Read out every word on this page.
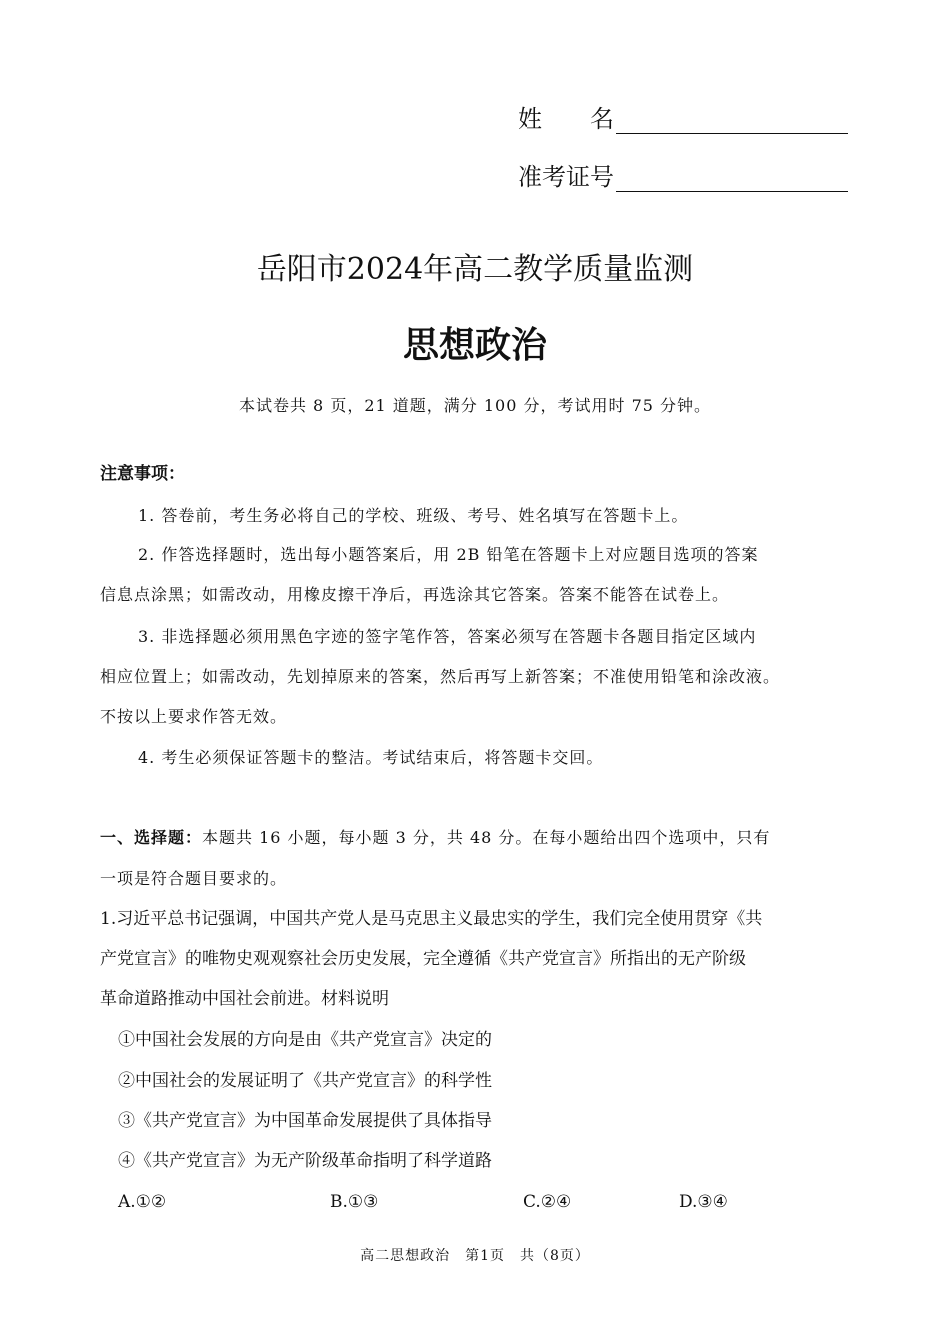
姓　　名
准考证号
岳阳市2024年高二教学质量监测
思想政治
本试卷共 8 页，21 道题，满分 100 分，考试用时 75 分钟。
注意事项：
1. 答卷前，考生务必将自己的学校、班级、考号、姓名填写在答题卡上。
2. 作答选择题时，选出每小题答案后，用 2B 铅笔在答题卡上对应题目选项的答案
信息点涂黑；如需改动，用橡皮擦干净后，再选涂其它答案。答案不能答在试卷上。
3. 非选择题必须用黑色字迹的签字笔作答，答案必须写在答题卡各题目指定区域内
相应位置上；如需改动，先划掉原来的答案，然后再写上新答案；不准使用铅笔和涂改液。
不按以上要求作答无效。
4. 考生必须保证答题卡的整洁。考试结束后，将答题卡交回。
一、选择题：本题共 16 小题，每小题 3 分，共 48 分。在每小题给出四个选项中，只有
一项是符合题目要求的。
1.习近平总书记强调，中国共产党人是马克思主义最忠实的学生，我们完全使用贯穿《共
产党宣言》的唯物史观观察社会历史发展，完全遵循《共产党宣言》所指出的无产阶级
革命道路推动中国社会前进。材料说明
①中国社会发展的方向是由《共产党宣言》决定的
②中国社会的发展证明了《共产党宣言》的科学性
③《共产党宣言》为中国革命发展提供了具体指导
④《共产党宣言》为无产阶级革命指明了科学道路
A.①②	B.①③	C.②④	D.③④
高二思想政治　第1页　共（8页）
